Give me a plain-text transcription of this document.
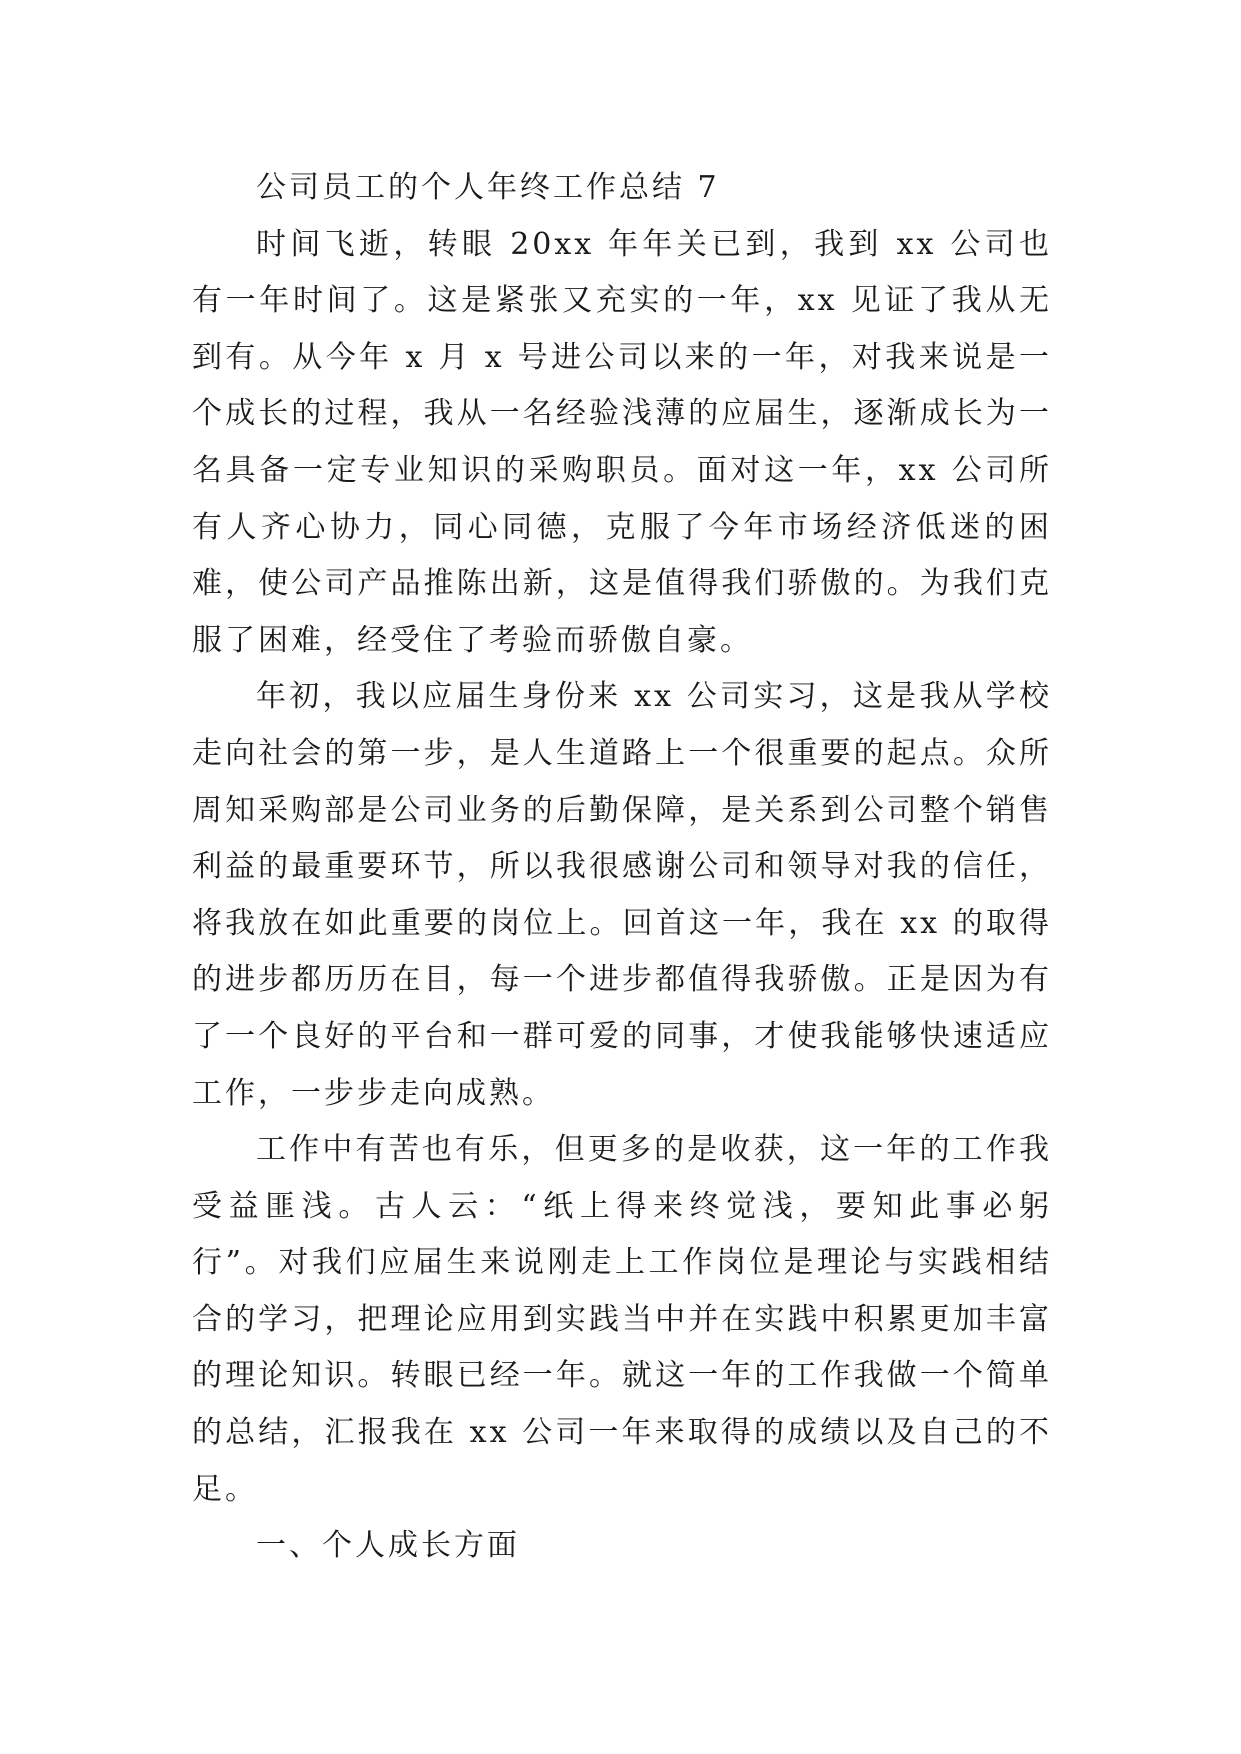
公司员工的个人年终工作总结 7

时间飞逝，转眼 20xx 年年关已到，我到 xx 公司也有一年时间了。这是紧张又充实的一年，xx 见证了我从无到有。从今年 x 月 x 号进公司以来的一年，对我来说是一个成长的过程，我从一名经验浅薄的应届生，逐渐成长为一名具备一定专业知识的采购职员。面对这一年，xx 公司所有人齐心协力，同心同德，克服了今年市场经济低迷的困难，使公司产品推陈出新，这是值得我们骄傲的。为我们克服了困难，经受住了考验而骄傲自豪。

年初，我以应届生身份来 xx 公司实习，这是我从学校走向社会的第一步，是人生道路上一个很重要的起点。众所周知采购部是公司业务的后勤保障，是关系到公司整个销售利益的最重要环节，所以我很感谢公司和领导对我的信任，将我放在如此重要的岗位上。回首这一年，我在 xx 的取得的进步都历历在目，每一个进步都值得我骄傲。正是因为有了一个良好的平台和一群可爱的同事，才使我能够快速适应工作，一步步走向成熟。

工作中有苦也有乐，但更多的是收获，这一年的工作我受益匪浅。古人云：“纸上得来终觉浅，要知此事必躬行”。对我们应届生来说刚走上工作岗位是理论与实践相结合的学习，把理论应用到实践当中并在实践中积累更加丰富的理论知识。转眼已经一年。就这一年的工作我做一个简单的总结，汇报我在 xx 公司一年来取得的成绩以及自己的不足。

一、个人成长方面
